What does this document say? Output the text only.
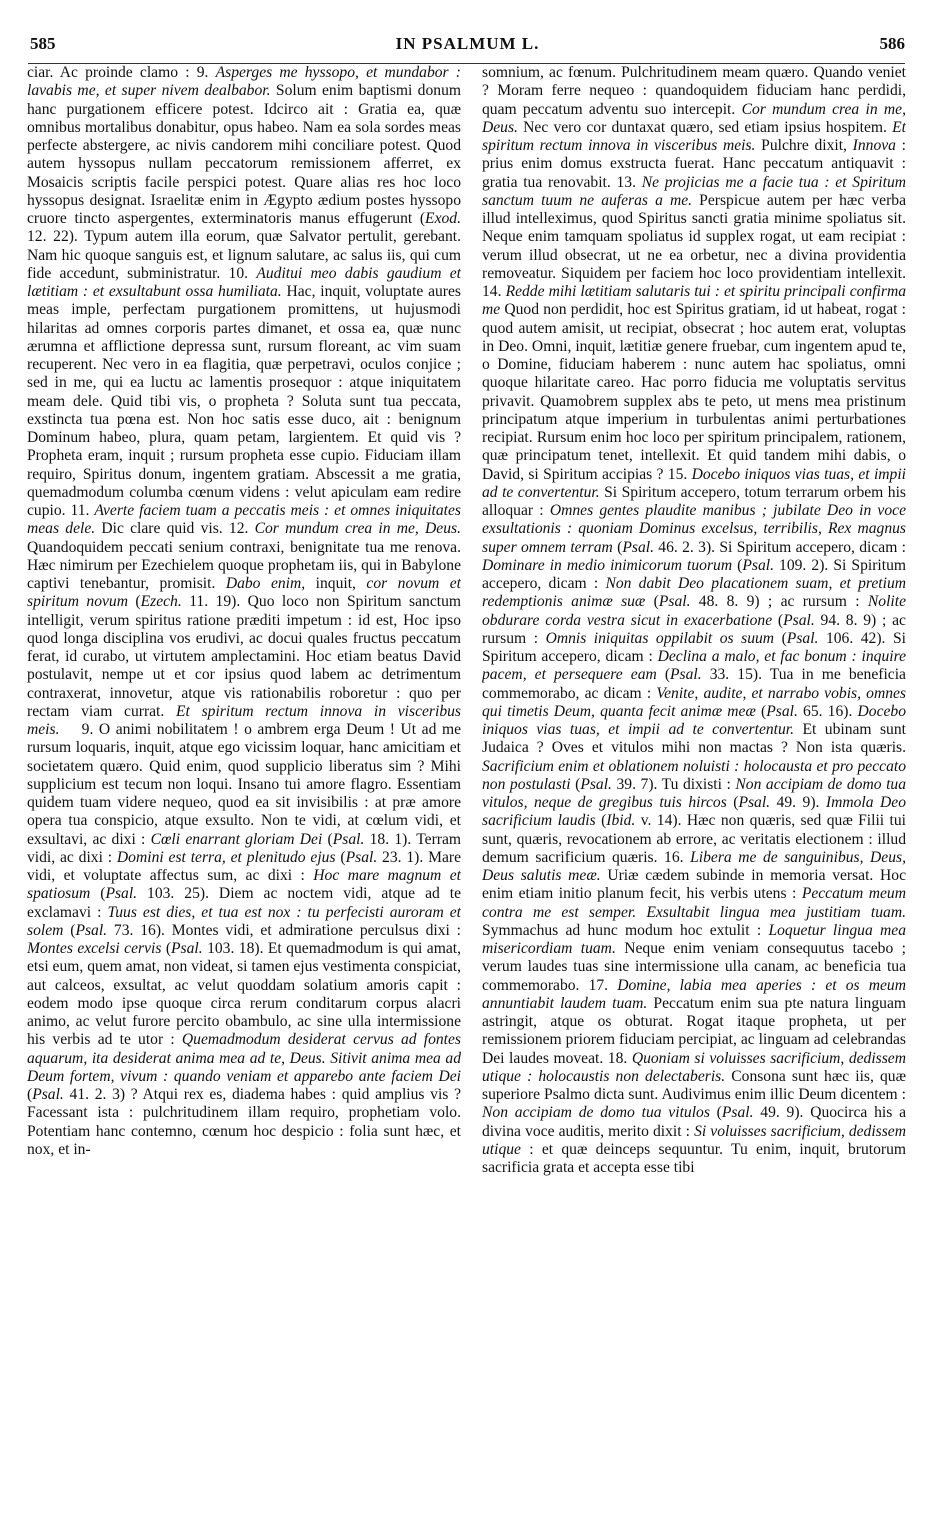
585	IN PSALMUM L.	586

ciar. Ac proinde clamo : 9. Asperges me hyssopo, et mundabor : lavabis me, et super nivem dealbabor. Solum enim baptismi donum hanc purgationem efficere potest. Idcirco ait : Gratia ea, quæ omnibus mortalibus donabitur, opus habeo. Nam ea sola sordes meas perfecte abstergere, ac nivis candorem mihi conciliare potest. Quod autem hyssopus nullam peccatorum remissionem afferret, ex Mosaicis scriptis facile perspici potest. Quare alias res hoc loco hyssopus designat. Israelitæ enim in Ægypto ædium postes hyssopo cruore tincto aspergentes, exterminatoris manus effugerunt (Exod. 12. 22). Typum autem illa eorum, quæ Salvator pertulit, gerebant. Nam hic quoque sanguis est, et lignum salutare, ac salus iis, qui cum fide accedunt, subministratur. 10. Auditui meo dabis gaudium et lætitiam : et exsultabunt ossa humiliata. Hac, inquit, voluptate aures meas imple, perfectam purgationem promittens, ut hujusmodi hilaritas ad omnes corporis partes dimanet, et ossa ea, quæ nunc ærumna et afflictione depressa sunt, rursum floreant, ac vim suam recuperent. Nec vero in ea flagitia, quæ perpetravi, oculos conjice ; sed in me, qui ea luctu ac lamentis prosequor : atque iniquitatem meam dele. Quid tibi vis, o propheta ? Soluta sunt tua peccata, exstincta tua pœna est. Non hoc satis esse duco, ait : benignum Dominum habeo, plura, quam petam, largientem. Et quid vis ? Propheta eram, inquit ; rursum propheta esse cupio. Fiduciam illam requiro, Spiritus donum, ingentem gratiam. Abscessit a me gratia, quemadmodum columba cœnum videns : velut apiculam eam redire cupio. 11. Averte faciem tuam a peccatis meis : et omnes iniquitates meas dele. Dic clare quid vis. 12. Cor mundum crea in me, Deus. Quandoquidem peccati senium contraxi, benignitate tua me renova. Hæc nimirum per Ezechielem quoque prophetam iis, qui in Babylone captivi tenebantur, promisit. Dabo enim, inquit, cor novum et spiritum novum (Ezech. 11. 19). Quo loco non Spiritum sanctum intelligit, verum spiritus ratione præditi impetum : id est, Hoc ipso quod longa disciplina vos erudivi, ac docui quales fructus peccatum ferat, id curabo, ut virtutem amplectamini. Hoc etiam beatus David postulavit, nempe ut et cor ipsius quod labem ac detrimentum contraxerat, innovetur, atque vis rationabilis roboretur : quo per rectam viam currat. Et spiritum rectum innova in visceribus meis.    9. O animi nobilitatem ! o ambrem erga Deum ! Ut ad me rursum loquaris, inquit, atque ego vicissim loquar, hanc amicitiam et societatem quæro. Quid enim, quod supplicio liberatus sim ? Mihi supplicium est tecum non loqui. Insano tui amore flagro. Essentiam quidem tuam videre nequeo, quod ea sit invisibilis : at præ amore opera tua conspicio, atque exsulto. Non te vidi, at cœlum vidi, et exsultavi, ac dixi : Cœli enarrant gloriam Dei (Psal. 18. 1). Terram vidi, ac dixi : Domini est terra, et plenitudo ejus (Psal. 23. 1). Mare vidi, et voluptate affectus sum, ac dixi : Hoc mare magnum et spatiosum (Psal. 103. 25). Diem ac noctem vidi, atque ad te exclamavi : Tuus est dies, et tua est nox : tu perfecisti auroram et solem (Psal. 73. 16). Montes vidi, et admiratione perculsus dixi : Montes excelsi cervis (Psal. 103. 18). Et quemadmodum is qui amat, etsi eum, quem amat, non videat, si tamen ejus vestimenta conspiciat, aut calceos, exsultat, ac velut quoddam solatium amoris capit : eodem modo ipse quoque circa rerum conditarum corpus alacri animo, ac velut furore percito obambulo, ac sine ulla intermissione his verbis ad te utor : Quemadmodum desiderat cervus ad fontes aquarum, ita desiderat anima mea ad te, Deus. Sitivit anima mea ad Deum fortem, vivum : quando veniam et apparebo ante faciem Dei (Psal. 41. 2. 3) ? Atqui rex es, diadema habes : quid amplius vis ? Facessant ista : pulchritudinem illam requiro, prophetiam volo. Potentiam hanc contemno, cœnum hoc despicio : foliа sunt hæc, et nox, et in-

somnium, ac fœnum. Pulchritudinem meam quæro. Quando veniet ? Moram ferre nequeo : quandoquidem fiduciam hanc perdidi, quam peccatum adventu suo intercepit. Cor mundum crea in me, Deus. Nec vero cor duntaxat quæro, sed etiam ipsius hospitem. Et spiritum rectum innova in visceribus meis. Pulchre dixit, Innova : prius enim domus exstructa fuerat. Hanc peccatum antiquavit : gratia tua renovabit. 13. Ne projicias me a facie tua : et Spiritum sanctum tuum ne auferas a me. Perspicue autem per hæc verba illud intelleximus, quod Spiritus sancti gratia minime spoliatus sit. Neque enim tamquam spoliatus id supplex rogat, ut eam recipiat : verum illud obsecrat, ut ne ea orbetur, nec a divina providentia removeatur. Siquidem per faciem hoc loco providentiam intellexit. 14. Redde mihi lætitiam salutaris tui : et spiritu principali confirma me Quod non perdidit, hoc est Spiritus gratiam, id ut habeat, rogat : quod autem amisit, ut recipiat, obsecrat ; hoc autem erat, voluptas in Deo. Omni, inquit, lætitiæ genere fruebar, cum ingentem apud te, o Domine, fiduciam haberem : nunc autem hac spoliatus, omni quoque hilaritate careo. Hac porro fiducia me voluptatis servitus privavit. Quamobrem supplex abs te peto, ut mens mea pristinum principatum atque imperium in turbulentas animi perturbationes recipiat. Rursum enim hoc loco per spiritum principalem, rationem, quæ principatum tenet, intellexit. Et quid tandem mihi dabis, o David, si Spiritum accipias ? 15. Docebo iniquos vias tuas, et impii ad te convertentur. Si Spiritum accepero, totum terrarum orbem his alloquar : Omnes gentes plaudite manibus ; jubilate Deo in voce exsultationis : quoniam Dominus excelsus, terribilis, Rex magnus super omnem terram (Psal. 46. 2. 3). Si Spiritum accepero, dicam : Dominare in medio inimicorum tuorum (Psal. 109. 2). Si Spiritum accepero, dicam : Non dabit Deo placationem suam, et pretium redemptionis animæ suæ (Psal. 48. 8. 9) ; ac rursum : Nolite obdurare corda vestra sicut in exacerbatione (Psal. 94. 8. 9) ; ac rursum : Omnis iniquitas oppilabit os suum (Psal. 106. 42). Si Spiritum accepero, dicam : Declina a malo, et fac bonum : inquire pacem, et persequere eam (Psal. 33. 15). Tua in me beneficia commemorabo, ac dicam : Venite, audite, et narrabo vobis, omnes qui timetis Deum, quanta fecit animæ meæ (Psal. 65. 16). Docebo iniquos vias tuas, et impii ad te convertentur. Et ubinam sunt Judaica ? Oves et vitulos mihi non mactas ? Non ista quæris. Sacrificium enim et oblationem noluisti : holocausta et pro peccato non postulasti (Psal. 39. 7). Tu dixisti : Non accipiam de domo tua vitulos, neque de gregibus tuis hircos (Psal. 49. 9). Immola Deo sacrificium laudis (Ibid. v. 14). Hæc non quæris, sed quæ Filii tui sunt, quæris, revocationem ab errore, ac veritatis electionem : illud demum sacrificium quæris. 16. Libera me de sanguinibus, Deus, Deus salutis meæ. Uriæ cædem subinde in memoria versat. Hoc enim etiam initio planum fecit, his verbis utens : Peccatum meum contra me est semper. Exsultabit lingua mea justitiam tuam. Symmachus ad hunc modum hoc extulit : Loquetur lingua mea misericordiam tuam. Neque enim veniam consequutus tacebo ; verum laudes tuas sine intermissione ulla canam, ac beneficia tua commemorabo. 17. Domine, labia mea aperies : et os meum annuntiabit laudem tuam. Peccatum enim sua pte natura linguam astringit, atque os obturat. Rogat itaque propheta, ut per remissionem priorem fiduciam percipiat, ac linguam ad celebrandas Dei laudes moveat. 18. Quoniam si voluisses sacrificium, dedissem utique : holocaustis non delectaberis. Consona sunt hæc iis, quæ superiore Psalmo dicta sunt. Audivimus enim illic Deum dicentem : Non accipiam de domo tua vitulos (Psal. 49. 9). Quocirca his a divina voce auditis, merito dixit : Si voluisses sacrificium, dedissem utique : et quæ deinceps sequuntur. Tu enim, inquit, brutorum sacrificia grata et accepta esse tibi
